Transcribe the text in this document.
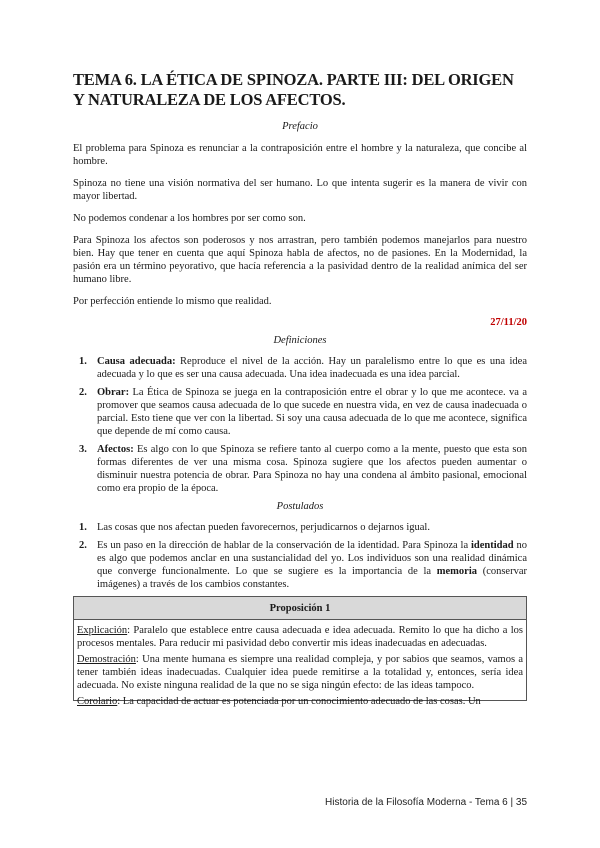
TEMA 6. LA ÉTICA DE SPINOZA. PARTE III: DEL ORIGEN Y NATURALEZA DE LOS AFECTOS.
Prefacio

El problema para Spinoza es renunciar a la contraposición entre el hombre y la naturaleza, que concibe al hombre.

Spinoza no tiene una visión normativa del ser humano. Lo que intenta sugerir es la manera de vivir con mayor libertad.

No podemos condenar a los hombres por ser como son.

Para Spinoza los afectos son poderosos y nos arrastran, pero también podemos manejarlos para nuestro bien. Hay que tener en cuenta que aquí Spinoza habla de afectos, no de pasiones. En la Modernidad, la pasión era un término peyorativo, que hacía referencia a la pasividad dentro de la realidad anímica del ser humano libre.

Por perfección entiende lo mismo que realidad.

27/11/20
Definiciones
1. Causa adecuada: Reproduce el nivel de la acción. Hay un paralelismo entre lo que es una idea adecuada y lo que es ser una causa adecuada. Una idea inadecuada es una idea parcial.
2. Obrar: La Ética de Spinoza se juega en la contraposición entre el obrar y lo que me acontece. va a promover que seamos causa adecuada de lo que sucede en nuestra vida, en vez de causa inadecuada o parcial. Esto tiene que ver con la libertad. Si soy una causa adecuada de lo que me acontece, significa que depende de mí como causa.
3. Afectos: Es algo con lo que Spinoza se refiere tanto al cuerpo como a la mente, puesto que esta son formas diferentes de ver una misma cosa. Spinoza sugiere que los afectos pueden aumentar o disminuir nuestra potencia de obrar. Para Spinoza no hay una condena al ámbito pasional, emocional como era propio de la época.
Postulados
1. Las cosas que nos afectan pueden favorecernos, perjudicarnos o dejarnos igual.
2. Es un paso en la dirección de hablar de la conservación de la identidad. Para Spinoza la identidad no es algo que podemos anclar en una sustancialidad del yo. Los individuos son una realidad dinámica que converge funcionalmente. Lo que se sugiere es la importancia de la memoria (conservar imágenes) a través de los cambios constantes.
Proposición 1

Explicación: Paralelo que establece entre causa adecuada e idea adecuada. Remito lo que ha dicho a los procesos mentales. Para reducir mi pasividad debo convertir mis ideas inadecuadas en adecuadas.

Demostración: Una mente humana es siempre una realidad compleja, y por sabios que seamos, vamos a tener también ideas inadecuadas. Cualquier idea puede remitirse a la totalidad y, entonces, sería idea adecuada. No existe ninguna realidad de la que no se siga ningún efecto: de las ideas tampoco.

Corolario: La capacidad de actuar es potenciada por un conocimiento adecuado de las cosas. Un

Historia de la Filosofía Moderna - Tema 6 | 35
